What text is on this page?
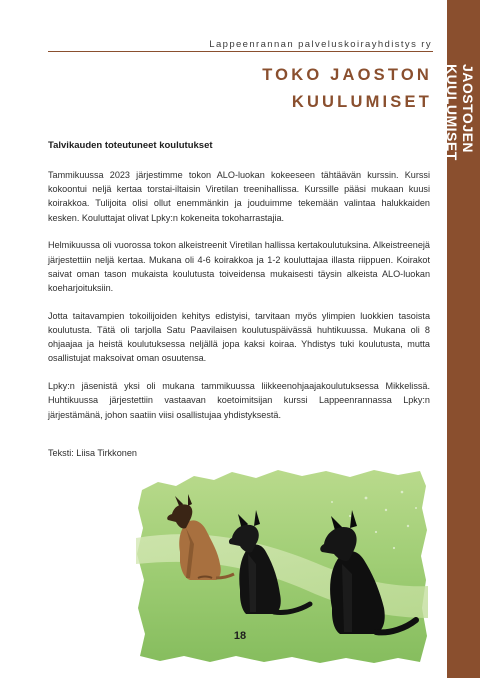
JAOSTOJEN KUULUMISET
Lappeenrannan palveluskoirayhdistys ry
TOKO JAOSTON
KUULUMISET
Talvikauden toteutuneet koulutukset

Tammikuussa 2023 järjestimme tokon ALO-luokan kokeeseen tähtäävän kurssin. Kurssi kokoontui neljä kertaa torstai-iltaisin Viretilan treenihallissa. Kurssille pääsi mukaan kuusi koirakkoa. Tulijoita olisi ollut enemmänkin ja jouduimme tekemään valintaa halukkaiden kesken. Kouluttajat olivat Lpky:n kokeneita tokoharrastajia.

Helmikuussa oli vuorossa tokon alkeistreenit Viretilan hallissa kertakoulutuksina. Alkeistreenejä järjestettiin neljä kertaa. Mukana oli 4-6 koirakkoa ja 1-2 kouluttajaa illasta riippuen. Koirakot saivat oman tason mukaista koulutusta toiveidensa mukaisesti täysin alkeista ALO-luokan koeharjoituksiin.

Jotta taitavampien tokoilijoiden kehitys edistyisi, tarvitaan myös ylimpien luokkien tasoista koulutusta. Tätä oli tarjolla Satu Paavilaisen koulutuspäivässä huhtikuussa. Mukana oli 8 ohjaajaa ja heistä koulutuksessa neljällä jopa kaksi koiraa. Yhdistys tuki koulutusta, mutta osallistujat maksoivat oman osuutensa.

Lpky:n jäsenistä yksi oli mukana tammikuussa liikkeenohjaajakoulutuksessa Mikkelissä. Huhtikuussa järjestettiin vastaavan koetoimitsijan kurssi Lappeenrannassa Lpky:n järjestämänä, johon saatiin viisi osallistujaa yhdistyksestä.

Teksti: Liisa Tirkkonen
18
